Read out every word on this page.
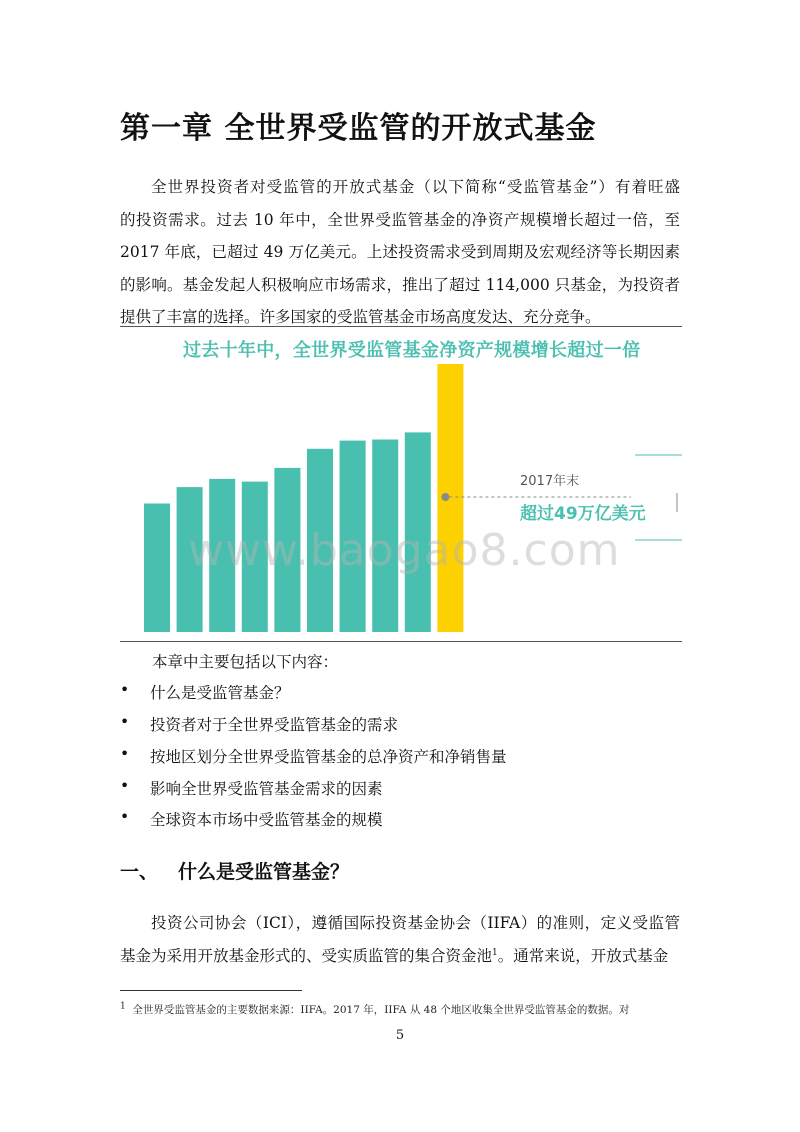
第一章 全世界受监管的开放式基金
全世界投资者对受监管的开放式基金（以下简称“受监管基金”）有着旺盛
的投资需求。过去 10 年中，全世界受监管基金的净资产规模增长超过一倍，至
2017 年底，已超过 49 万亿美元。上述投资需求受到周期及宏观经济等长期因素
的影响。基金发起人积极响应市场需求，推出了超过 114,000 只基金，为投资者
提供了丰富的选择。许多国家的受监管基金市场高度发达、充分竞争。
过去十年中，全世界受监管基金净资产规模增长超过一倍
2017年末
超过49万亿美元
www.baogao8.com
本章中主要包括以下内容：
• 什么是受监管基金？
• 投资者对于全世界受监管基金的需求
• 按地区划分全世界受监管基金的总净资产和净销售量
• 影响全世界受监管基金需求的因素
• 全球资本市场中受监管基金的规模
一、 什么是受监管基金？
投资公司协会（ICI），遵循国际投资基金协会（IIFA）的准则，定义受监管
基金为采用开放基金形式的、受实质监管的集合资金池$^1$。通常来说，开放式基金
$^1$ 全世界受监管基金的主要数据来源：IIFA。2017 年，IIFA 从 48 个地区收集全世界受监管基金的数据。对
5
